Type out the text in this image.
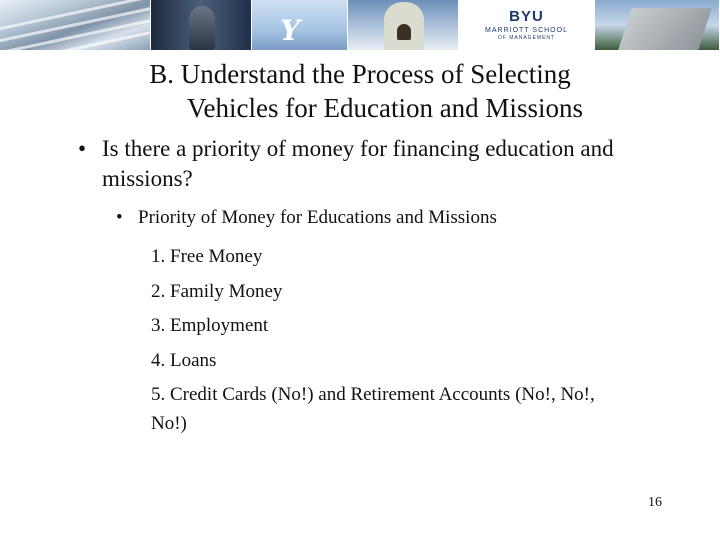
Y	BYU
MARRIOTT SCHOOL
OF MANAGEMENT
B. Understand the Process of Selecting
Vehicles for Education and Missions
• Is there a priority of money for financing education and missions?
• Priority of Money for Educations and Missions
1. Free Money
2. Family Money
3. Employment
4. Loans
5. Credit Cards (No!) and Retirement Accounts (No!, No!, No!)
16
